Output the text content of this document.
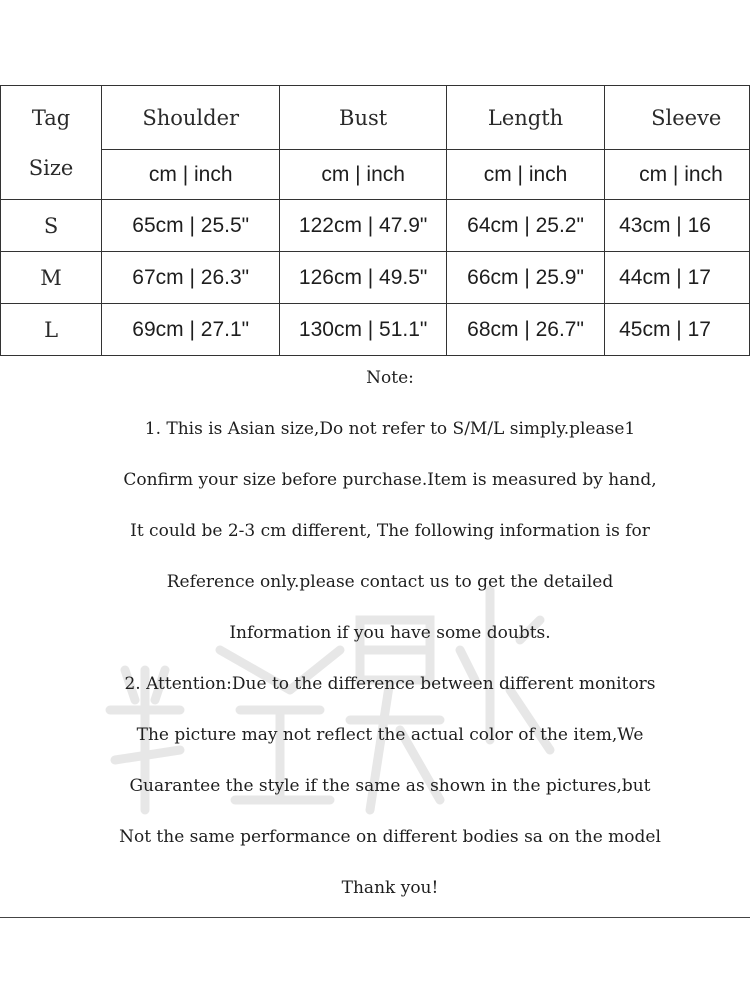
Tag
Size	Shoulder	Bust	Length	Sleeve
	cm | inch	cm | inch	cm | inch	cm | inch
S	65cm | 25.5"	122cm | 47.9"	64cm | 25.2"	43cm | 16
M	67cm | 26.3"	126cm | 49.5"	66cm | 25.9"	44cm | 17
L	69cm | 27.1"	130cm | 51.1"	68cm | 26.7"	45cm | 17

Note:

1. This is Asian size,Do not refer to S/M/L simply.please1

Confirm your size before purchase.Item is measured by hand,

It could be 2-3 cm different, The following information is for

Reference only.please contact us to get the detailed

Information if you have some doubts.

2. Attention:Due to the difference between different monitors

The picture may not reflect the actual color of the item,We

Guarantee the style if the same as shown in the pictures,but

Not the same performance on different bodies sa on the model

Thank you!
